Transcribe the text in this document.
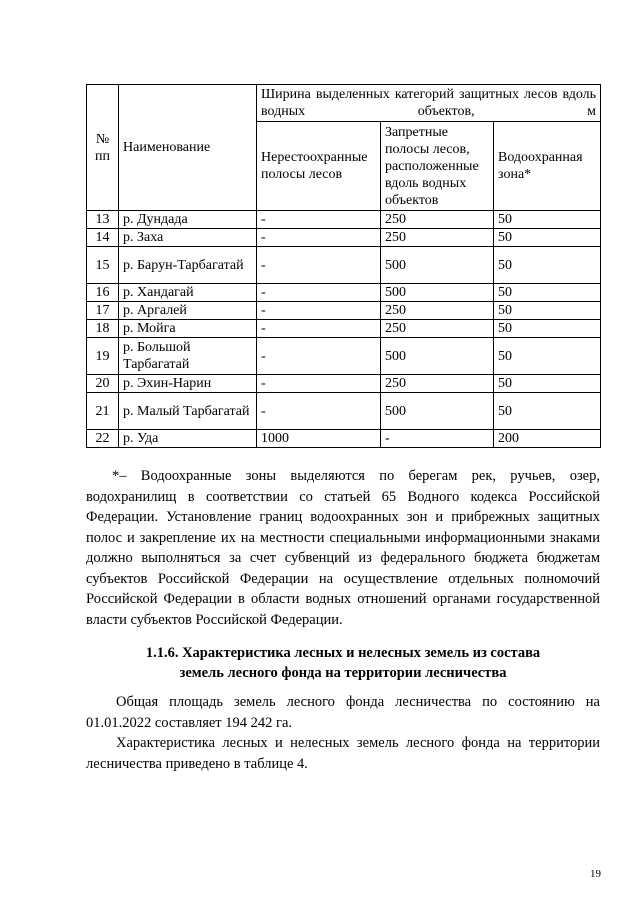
№ пп	Наименование	Ширина выделенных категорий защитных лесов вдоль водных объектов, м		
		Нерестоохранные полосы лесов	Запретные полосы лесов, расположенные вдоль водных объектов	Водоохранная зона*
13	р. Дундада	-	250	50
14	р. Заха	-	250	50
15	р. Барун-Тарбагатай	-	500	50
16	р. Хандагай	-	500	50
17	р. Аргалей	-	250	50
18	р. Мойга	-	250	50
19	р. Большой Тарбагатай	-	500	50
20	р. Эхин-Нарин	-	250	50
21	р. Малый Тарбагатай	-	500	50
22	р. Уда	1000	-	200

*– Водоохранные зоны выделяются по берегам рек, ручьев, озер, водохранилищ в соответствии со статьей 65 Водного кодекса Российской Федерации. Установление границ водоохранных зон и прибрежных защитных полос и закрепление их на местности специальными информационными знаками должно выполняться за счет субвенций из федерального бюджета бюджетам субъектов Российской Федерации на осуществление отдельных полномочий Российской Федерации в области водных отношений органами государственной власти субъектов Российской Федерации.

1.1.6. Характеристика лесных и нелесных земель из состава
земель лесного фонда на территории лесничества

Общая площадь земель лесного фонда лесничества по состоянию на 01.01.2022 составляет 194 242 га.

Характеристика лесных и нелесных земель лесного фонда на территории лесничества приведено в таблице 4.

19
